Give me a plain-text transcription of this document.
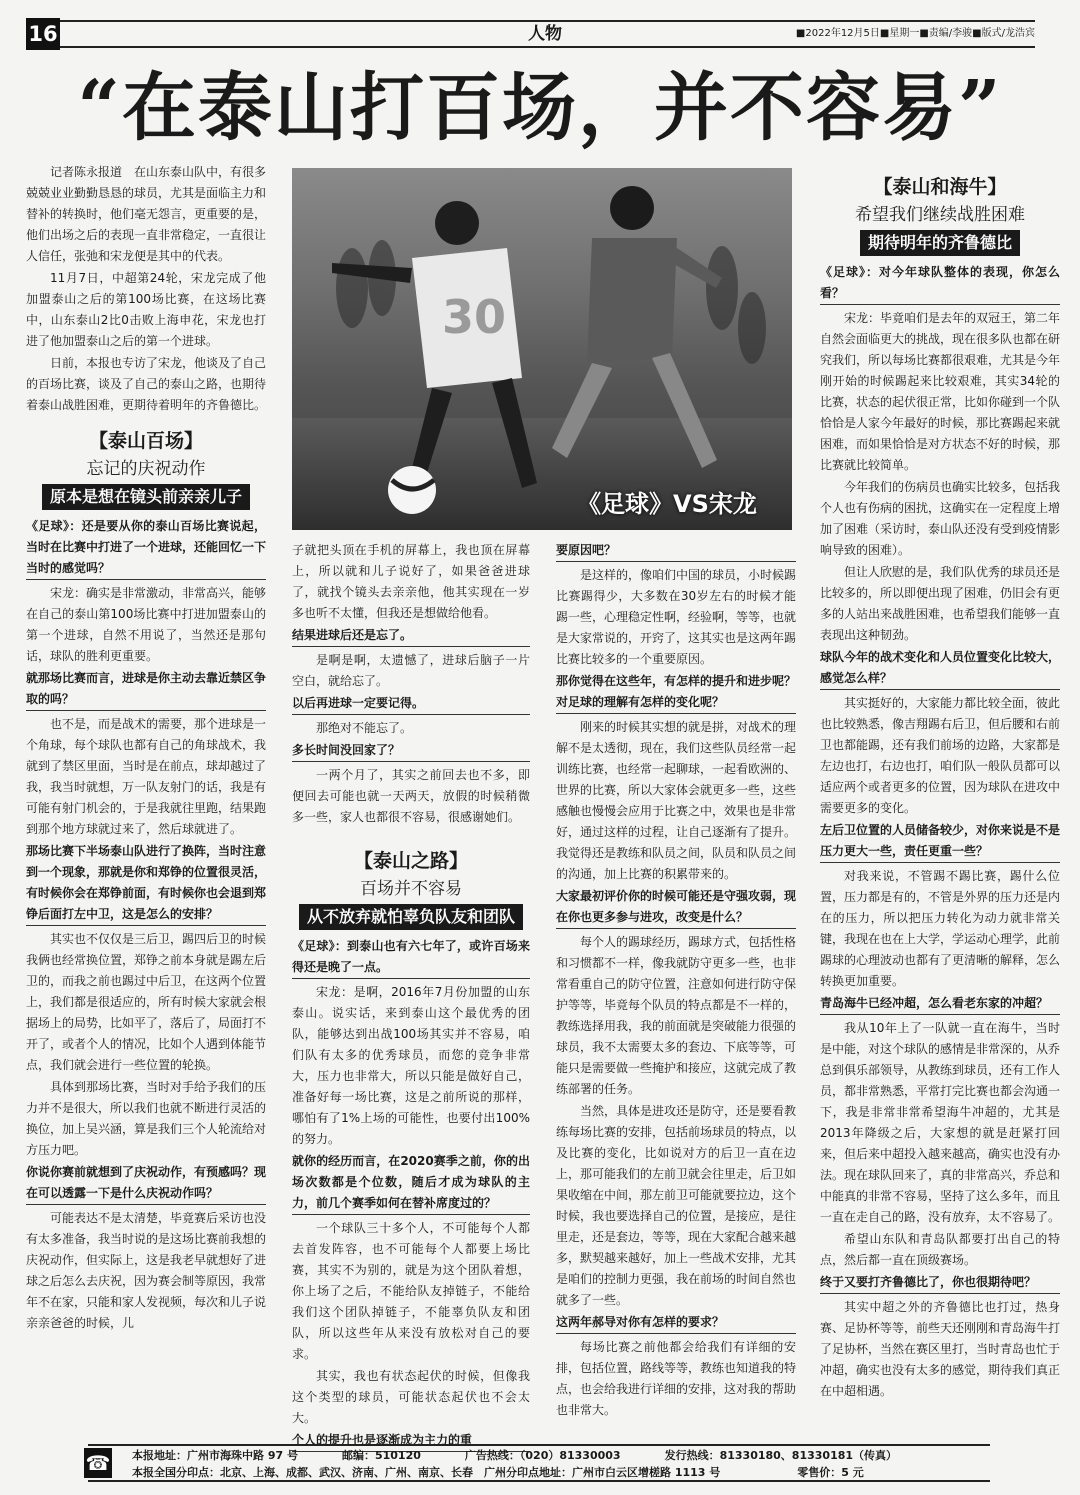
16	人物	■2022年12月5日■星期一■责编/李骏■版式/龙浩宾
“在泰山打百场，并不容易”

记者陈永报道　在山东泰山队中，有很多兢兢业业勤勤恳恳的球员，尤其是面临主力和替补的转换时，他们毫无怨言，更重要的是，他们出场之后的表现一直非常稳定，一直很让人信任，张弛和宋龙便是其中的代表。

11月7日，中超第24轮，宋龙完成了他加盟泰山之后的第100场比赛，在这场比赛中，山东泰山2比0击败上海申花，宋龙也打进了他加盟泰山之后的第一个进球。

日前，本报也专访了宋龙，他谈及了自己的百场比赛，谈及了自己的泰山之路，也期待着泰山战胜困难，更期待着明年的齐鲁德比。

【泰山百场】
忘记的庆祝动作
原本是想在镜头前亲亲儿子

《足球》：还是要从你的泰山百场比赛说起，当时在比赛中打进了一个进球，还能回忆一下当时的感觉吗？

宋龙：确实是非常激动，非常高兴，能够在自己的泰山第100场比赛中打进加盟泰山的第一个进球，自然不用说了，当然还是那句话，球队的胜利更重要。

就那场比赛而言，进球是你主动去靠近禁区争取的吗？

也不是，而是战术的需要，那个进球是一个角球，每个球队也都有自己的角球战术，我就到了禁区里面，当时是在前点，球却越过了我，我当时就想，万一队友射门的话，我是有可能有射门机会的，于是我就往里跑，结果跑到那个地方球就过来了，然后球就进了。

那场比赛下半场泰山队进行了换阵，当时注意到一个现象，那就是你和郑铮的位置很灵活，有时候你会在郑铮前面，有时候你也会退到郑铮后面打左中卫，这是怎么的安排？

其实也不仅仅是三后卫，踢四后卫的时候我俩也经常换位置，郑铮之前本身就是踢左后卫的，而我之前也踢过中后卫，在这两个位置上，我们都是很适应的，所有时候大家就会根据场上的局势，比如平了，落后了，局面打不开了，或者个人的情况，比如个人遇到体能节点，我们就会进行一些位置的轮换。

具体到那场比赛，当时对手给予我们的压力并不是很大，所以我们也就不断进行灵活的换位，加上吴兴涵，算是我们三个人轮流给对方压力吧。

你说你赛前就想到了庆祝动作，有预感吗？现在可以透露一下是什么庆祝动作吗？

可能表达不是太清楚，毕竟赛后采访也没有太多准备，我当时说的是这场比赛前我想的庆祝动作，但实际上，这是我老早就想好了进球之后怎么去庆祝，因为赛会制等原因，我常年不在家，只能和家人发视频，每次和儿子说亲亲爸爸的时候，儿

30
《足球》VS宋龙

子就把头顶在手机的屏幕上，我也顶在屏幕上，所以就和儿子说好了，如果爸爸进球了，就找个镜头去亲亲他，他其实现在一岁多也听不太懂，但我还是想做给他看。

结果进球后还是忘了。

是啊是啊，太遗憾了，进球后脑子一片空白，就给忘了。

以后再进球一定要记得。

那绝对不能忘了。

多长时间没回家了？

一两个月了，其实之前回去也不多，即便回去可能也就一天两天，放假的时候稍微多一些，家人也都很不容易，很感谢她们。

【泰山之路】
百场并不容易
从不放弃就怕辜负队友和团队

《足球》：到泰山也有六七年了，或许百场来得还是晚了一点。

宋龙：是啊，2016年7月份加盟的山东泰山。说实话，来到泰山这个最优秀的团队，能够达到出战100场其实并不容易，咱们队有太多的优秀球员，而您的竞争非常大，压力也非常大，所以只能是做好自己，准备好每一场比赛，这是之前所说的那样，哪怕有了1%上场的可能性，也要付出100%的努力。

就你的经历而言，在2020赛季之前，你的出场次数都是个位数，随后才成为球队的主力，前几个赛季如何在替补席度过的？

一个球队三十多个人，不可能每个人都去首发阵容，也不可能每个人都要上场比赛，其实不为别的，就是为这个团队着想，你上场了之后，不能给队友掉链子，不能给我们这个团队掉链子，不能辜负队友和团队，所以这些年从来没有放松对自己的要求。

其实，我也有状态起伏的时候，但像我这个类型的球员，可能状态起伏也不会太大。

个人的提升也是逐渐成为主力的重

要原因吧？

是这样的，像咱们中国的球员，小时候踢比赛踢得少，大多数在30岁左右的时候才能踢一些，心理稳定性啊，经验啊，等等，也就是大家常说的，开窍了，这其实也是这两年踢比赛比较多的一个重要原因。

那你觉得在这些年，有怎样的提升和进步呢？对足球的理解有怎样的变化呢？

刚来的时候其实想的就是拼，对战术的理解不是太透彻，现在，我们这些队员经常一起训练比赛，也经常一起聊球，一起看欧洲的、世界的比赛，所以大家体会就更多一些，这些感触也慢慢会应用于比赛之中，效果也是非常好，通过这样的过程，让自己逐渐有了提升。我觉得还是教练和队员之间，队员和队员之间的沟通，加上比赛的积累带来的。

大家最初评价你的时候可能还是守强攻弱，现在你也更多参与进攻，改变是什么？

每个人的踢球经历，踢球方式，包括性格和习惯都不一样，像我就防守更多一些，也非常看重自己的防守位置，注意如何进行防守保护等等，毕竟每个队员的特点都是不一样的，教练选择用我，我的前面就是突破能力很强的球员，我不太需要太多的套边、下底等等，可能只是需要做一些掩护和接应，这就完成了教练部署的任务。

当然，具体是进攻还是防守，还是要看教练每场比赛的安排，包括前场球员的特点，以及比赛的变化，比如说对方的后卫一直在边上，那可能我们的左前卫就会往里走，后卫如果收缩在中间，那左前卫可能就要拉边，这个时候，我也要选择自己的位置，是接应，是往里走，还是套边，等等，现在大家配合越来越多，默契越来越好，加上一些战术安排，尤其是咱们的控制力更强，我在前场的时间自然也就多了一些。

这两年郝导对你有怎样的要求？

每场比赛之前他都会给我们有详细的安排，包括位置，路线等等，教练也知道我的特点，也会给我进行详细的安排，这对我的帮助也非常大。

【泰山和海牛】
希望我们继续战胜困难
期待明年的齐鲁德比

《足球》：对今年球队整体的表现，你怎么看？

宋龙：毕竟咱们是去年的双冠王，第二年自然会面临更大的挑战，现在很多队也都在研究我们，所以每场比赛都很艰难，尤其是今年刚开始的时候踢起来比较艰难，其实34轮的比赛，状态的起伏很正常，比如你碰到一个队恰恰是人家今年最好的时候，那比赛踢起来就困难，而如果恰恰是对方状态不好的时候，那比赛就比较简单。

今年我们的伤病员也确实比较多，包括我个人也有伤病的困扰，这确实在一定程度上增加了困难（采访时，泰山队还没有受到疫情影响导致的困难）。

但让人欣慰的是，我们队优秀的球员还是比较多的，所以即便出现了困难，仍旧会有更多的人站出来战胜困难，也希望我们能够一直表现出这种韧劲。

球队今年的战术变化和人员位置变化比较大，感觉怎么样？

其实挺好的，大家能力都比较全面，彼此也比较熟悉，像吉翔踢右后卫，但后腰和右前卫也都能踢，还有我们前场的边路，大家都是左边也打，右边也打，咱们队一般队员都可以适应两个或者更多的位置，因为球队在进攻中需要更多的变化。

左后卫位置的人员储备较少，对你来说是不是压力更大一些，责任更重一些？

对我来说，不管踢不踢比赛，踢什么位置，压力都是有的，不管是外界的压力还是内在的压力，所以把压力转化为动力就非常关键，我现在也在上大学，学运动心理学，此前踢球的心理波动也都有了更清晰的解释，怎么转换更加重要。

青岛海牛已经冲超，怎么看老东家的冲超？

我从10年上了一队就一直在海牛，当时是中能，对这个球队的感情是非常深的，从乔总到俱乐部领导，从教练到球员，还有工作人员，都非常熟悉，平常打完比赛也都会沟通一下，我是非常非常希望海牛冲超的，尤其是2013年降级之后，大家想的就是赶紧打回来，但后来中超投入越来越高，确实也没有办法。现在球队回来了，真的非常高兴，乔总和中能真的非常不容易，坚持了这么多年，而且一直在走自己的路，没有放弃，太不容易了。

希望山东队和青岛队都要打出自己的特点，然后都一直在顶级赛场。

终于又要打齐鲁德比了，你也很期待吧？

其实中超之外的齐鲁德比也打过，热身赛、足协杯等等，前些天还刚刚和青岛海牛打了足协杯，当然在赛区里打，当时青岛也忙于冲超，确实也没有太多的感觉，期待我们真正在中超相遇。

☎ 本报地址：广州市海珠中路 97 号　　　　邮编：510120　　　　广告热线：（020）81330003　　　　发行热线：81330180、81330181（传真）
本报全国分印点：北京、上海、成都、武汉、济南、广州、南京、长春　广州分印点地址：广州市白云区增槎路 1113 号　　　　　　　零售价：5 元
